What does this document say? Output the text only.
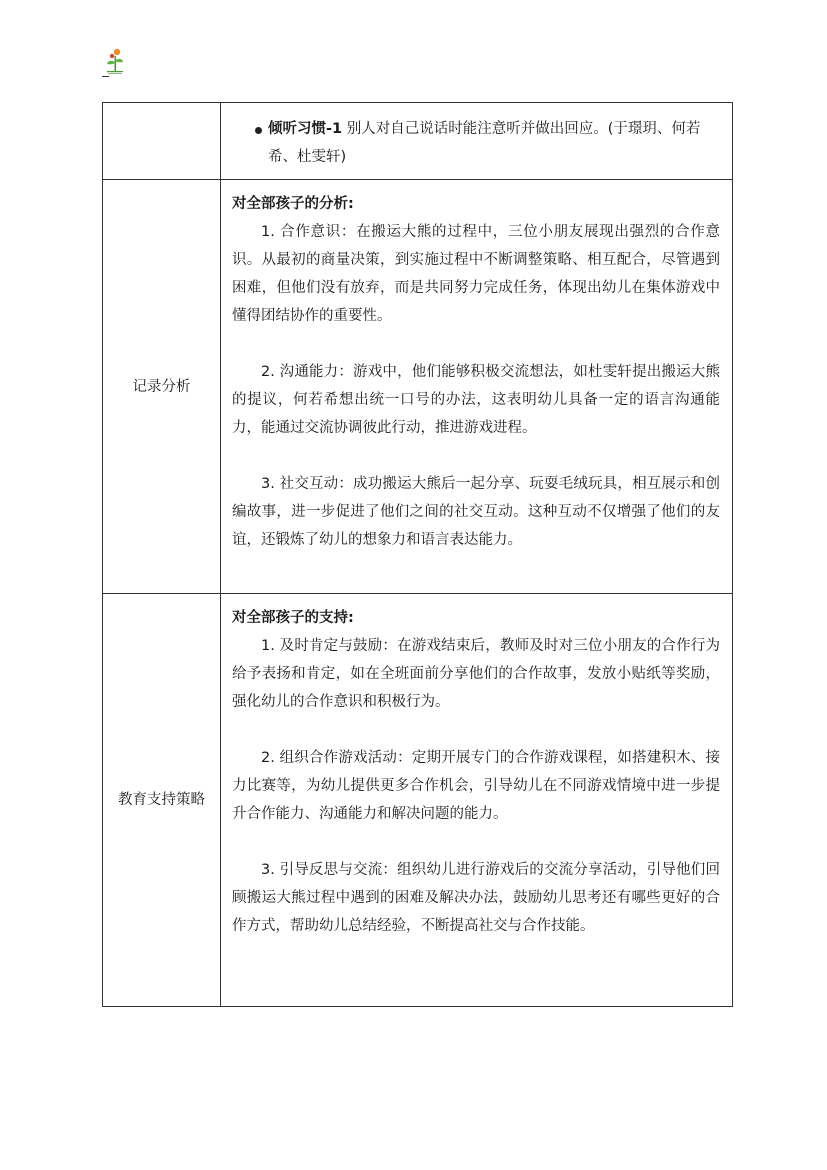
倾听习惯-1 别人对自己说话时能注意听并做出回应。(于璟玥、何若希、杜雯轩)

记录分析	对全部孩子的分析:
1. 合作意识：在搬运大熊的过程中，三位小朋友展现出强烈的合作意识。从最初的商量决策，到实施过程中不断调整策略、相互配合，尽管遇到困难，但他们没有放弃，而是共同努力完成任务，体现出幼儿在集体游戏中懂得团结协作的重要性。
2. 沟通能力：游戏中，他们能够积极交流想法，如杜雯轩提出搬运大熊的提议，何若希想出统一口号的办法，这表明幼儿具备一定的语言沟通能力，能通过交流协调彼此行动，推进游戏进程。
3. 社交互动：成功搬运大熊后一起分享、玩耍毛绒玩具，相互展示和创编故事，进一步促进了他们之间的社交互动。这种互动不仅增强了他们的友谊，还锻炼了幼儿的想象力和语言表达能力。

教育支持策略	对全部孩子的支持:
1. 及时肯定与鼓励：在游戏结束后，教师及时对三位小朋友的合作行为给予表扬和肯定，如在全班面前分享他们的合作故事，发放小贴纸等奖励，强化幼儿的合作意识和积极行为。
2. 组织合作游戏活动：定期开展专门的合作游戏课程，如搭建积木、接力比赛等，为幼儿提供更多合作机会，引导幼儿在不同游戏情境中进一步提升合作能力、沟通能力和解决问题的能力。
3. 引导反思与交流：组织幼儿进行游戏后的交流分享活动，引导他们回顾搬运大熊过程中遇到的困难及解决办法，鼓励幼儿思考还有哪些更好的合作方式，帮助幼儿总结经验，不断提高社交与合作技能。
